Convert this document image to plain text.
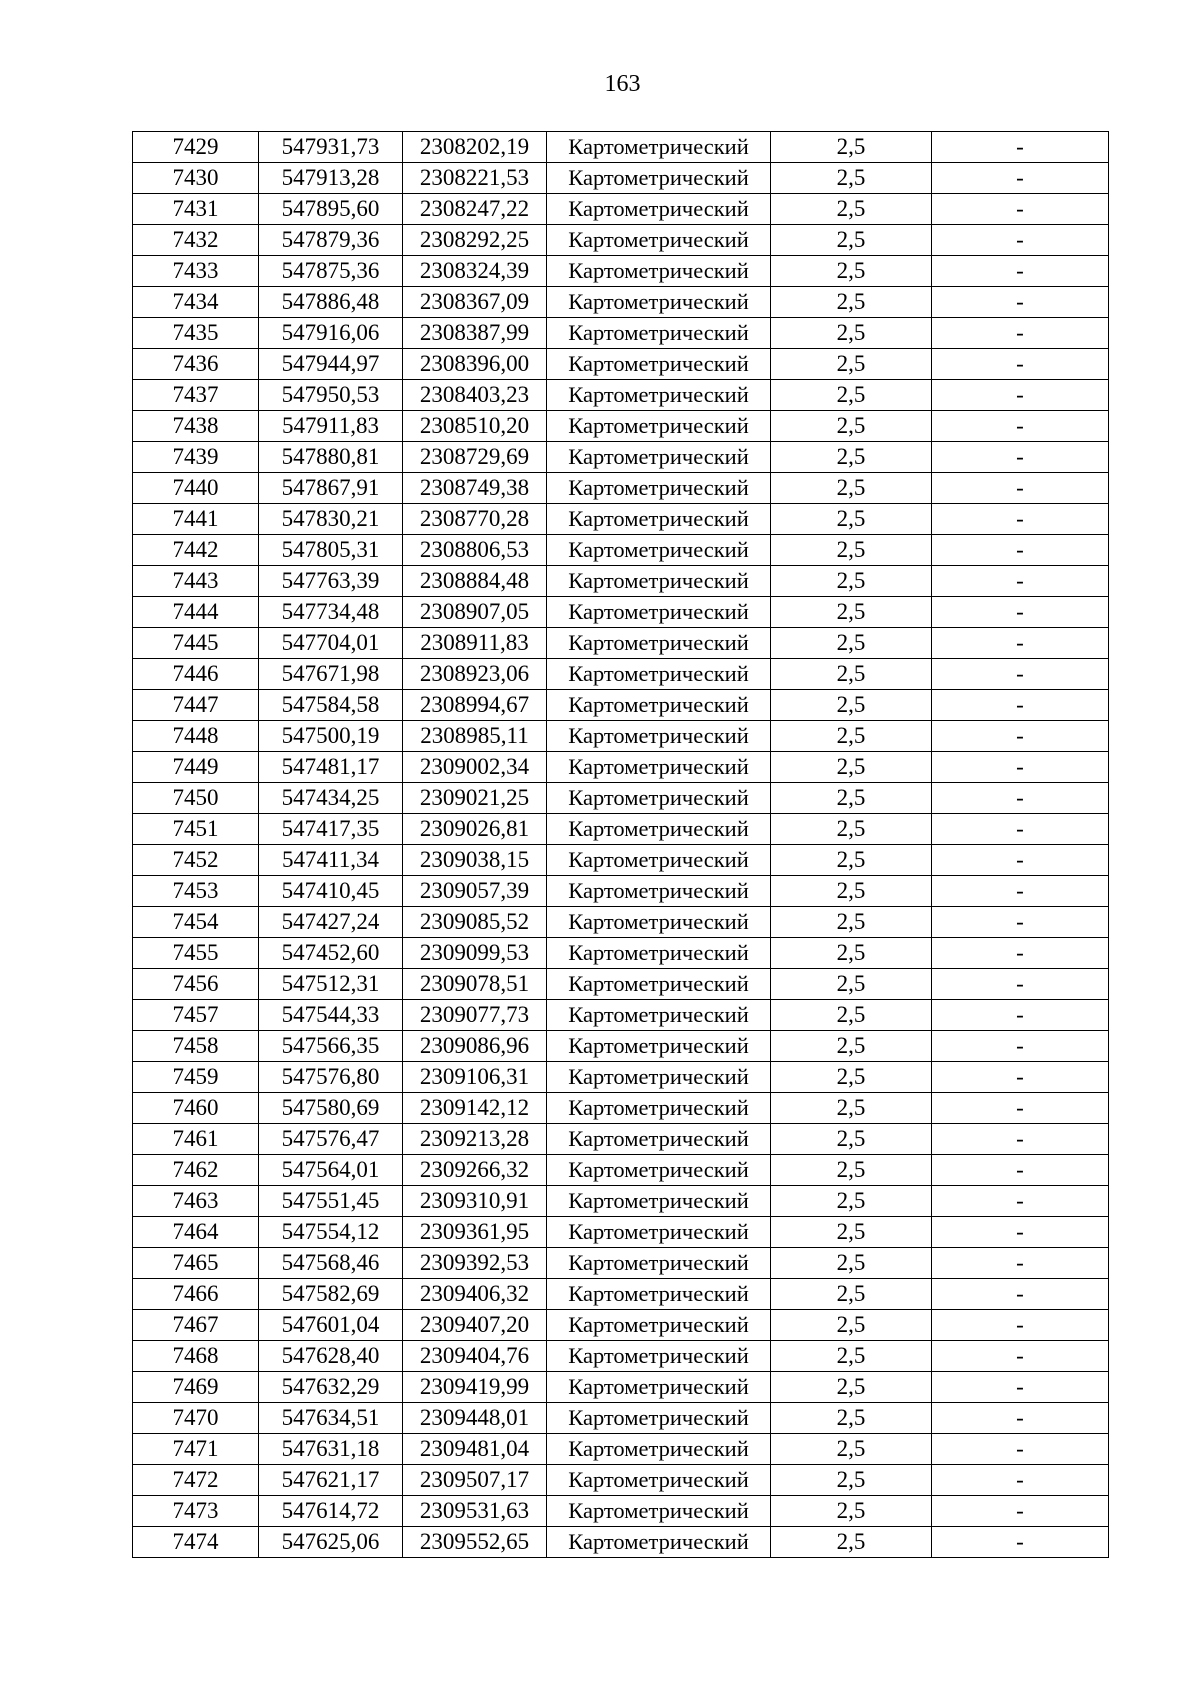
163
7429	547931,73	2308202,19	Картометрический	2,5	-
7430	547913,28	2308221,53	Картометрический	2,5	-
7431	547895,60	2308247,22	Картометрический	2,5	-
7432	547879,36	2308292,25	Картометрический	2,5	-
7433	547875,36	2308324,39	Картометрический	2,5	-
7434	547886,48	2308367,09	Картометрический	2,5	-
7435	547916,06	2308387,99	Картометрический	2,5	-
7436	547944,97	2308396,00	Картометрический	2,5	-
7437	547950,53	2308403,23	Картометрический	2,5	-
7438	547911,83	2308510,20	Картометрический	2,5	-
7439	547880,81	2308729,69	Картометрический	2,5	-
7440	547867,91	2308749,38	Картометрический	2,5	-
7441	547830,21	2308770,28	Картометрический	2,5	-
7442	547805,31	2308806,53	Картометрический	2,5	-
7443	547763,39	2308884,48	Картометрический	2,5	-
7444	547734,48	2308907,05	Картометрический	2,5	-
7445	547704,01	2308911,83	Картометрический	2,5	-
7446	547671,98	2308923,06	Картометрический	2,5	-
7447	547584,58	2308994,67	Картометрический	2,5	-
7448	547500,19	2308985,11	Картометрический	2,5	-
7449	547481,17	2309002,34	Картометрический	2,5	-
7450	547434,25	2309021,25	Картометрический	2,5	-
7451	547417,35	2309026,81	Картометрический	2,5	-
7452	547411,34	2309038,15	Картометрический	2,5	-
7453	547410,45	2309057,39	Картометрический	2,5	-
7454	547427,24	2309085,52	Картометрический	2,5	-
7455	547452,60	2309099,53	Картометрический	2,5	-
7456	547512,31	2309078,51	Картометрический	2,5	-
7457	547544,33	2309077,73	Картометрический	2,5	-
7458	547566,35	2309086,96	Картометрический	2,5	-
7459	547576,80	2309106,31	Картометрический	2,5	-
7460	547580,69	2309142,12	Картометрический	2,5	-
7461	547576,47	2309213,28	Картометрический	2,5	-
7462	547564,01	2309266,32	Картометрический	2,5	-
7463	547551,45	2309310,91	Картометрический	2,5	-
7464	547554,12	2309361,95	Картометрический	2,5	-
7465	547568,46	2309392,53	Картометрический	2,5	-
7466	547582,69	2309406,32	Картометрический	2,5	-
7467	547601,04	2309407,20	Картометрический	2,5	-
7468	547628,40	2309404,76	Картометрический	2,5	-
7469	547632,29	2309419,99	Картометрический	2,5	-
7470	547634,51	2309448,01	Картометрический	2,5	-
7471	547631,18	2309481,04	Картометрический	2,5	-
7472	547621,17	2309507,17	Картометрический	2,5	-
7473	547614,72	2309531,63	Картометрический	2,5	-
7474	547625,06	2309552,65	Картометрический	2,5	-
